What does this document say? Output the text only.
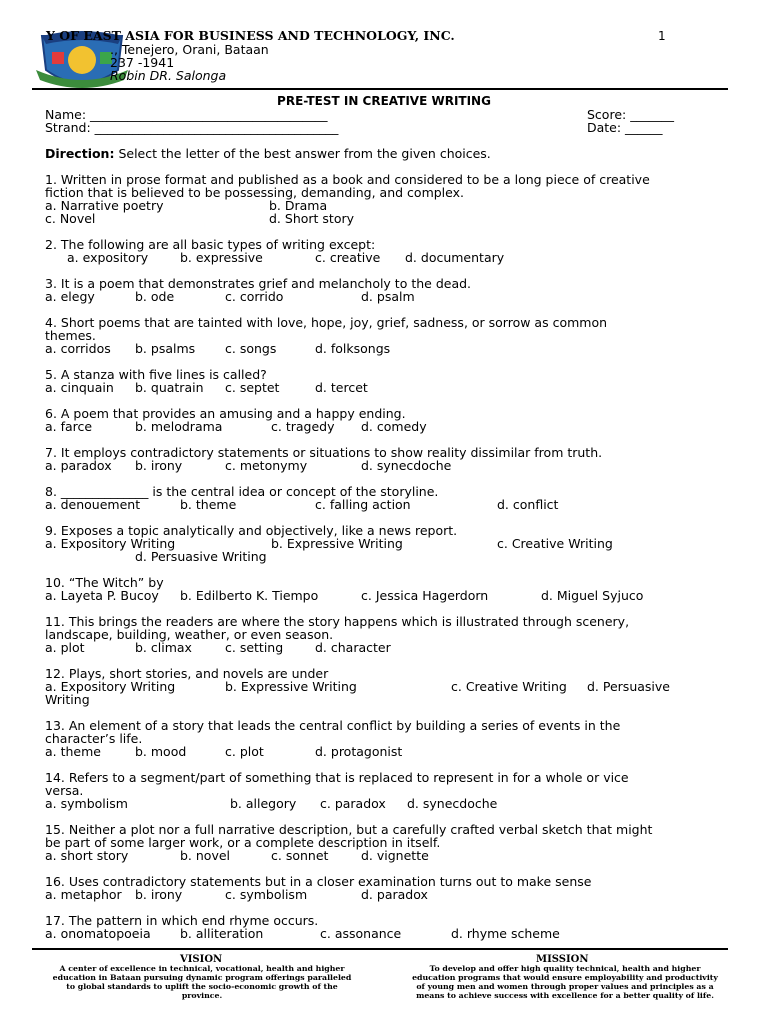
Y OF EAST ASIA FOR BUSINESS AND TECHNOLOGY, INC.	1
., Tenejero, Orani, Bataan
237 -1941
Robin DR. Salonga
PRE-TEST IN CREATIVE WRITING
Name: ______________________________________	Score: _______
Strand: _______________________________________	Date: ______
Direction: Select the letter of the best answer from the given choices.
1. Written in prose format and published as a book and considered to be a long piece of creative
fiction that is believed to be possessing, demanding, and complex.
a. Narrative poetry	b. Drama
c. Novel	d. Short story
2. The following are all basic types of writing except:
a. expository	b. expressive	c. creative d. documentary
3. It is a poem that demonstrates grief and melancholy to the dead.
a. elegy	b. ode	c. corrido	d. psalm
4. Short poems that are tainted with love, hope, joy, grief, sadness, or sorrow as common
themes.
a. corridos b. psalms c. songs	d. folksongs
5. A stanza with five lines is called?
a. cinquain b. quatrain c. septet	d. tercet
6. A poem that provides an amusing and a happy ending.
a. farce	b. melodrama	c. tragedy d. comedy
7. It employs contradictory statements or situations to show reality dissimilar from truth.
a. paradox b. irony	c. metonymy	d. synecdoche
8. ______________ is the central idea or concept of the storyline.
a. denouement	b. theme	c. falling action	d. conflict
9. Exposes a topic analytically and objectively, like a news report.
a. Expository Writing	b. Expressive Writing	c. Creative Writing
d. Persuasive Writing
10. “The Witch” by
a. Layeta P. Bucoy b. Edilberto K. Tiempo	c. Jessica Hagerdorn	d. Miguel Syjuco
11. This brings the readers are where the story happens which is illustrated through scenery,
landscape, building, weather, or even season.
a. plot	b. climax	c. setting	d. character
12. Plays, short stories, and novels are under
a. Expository Writing	b. Expressive Writing	c. Creative Writing d. Persuasive
Writing
13. An element of a story that leads the central conflict by building a series of events in the
character’s life.
a. theme	b. mood	c. plot	d. protagonist
14. Refers to a segment/part of something that is replaced to represent in for a whole or vice
versa.
a. symbolism	b. allegory c. paradox d. synecdoche
15. Neither a plot nor a full narrative description, but a carefully crafted verbal sketch that might
be part of some larger work, or a complete description in itself.
a. short story	b. novel	c. sonnet	d. vignette
16. Uses contradictory statements but in a closer examination turns out to make sense
a. metaphor b. irony	c. symbolism	d. paradox
17. The pattern in which end rhyme occurs.
a. onomatopoeia b. alliteration	c. assonance	d. rhyme scheme
VISION
A center of excellence in technical, vocational, health and higher education in Bataan pursuing dynamic program offerings paralleled to global standards to uplift the socio-economic growth of the province.
MISSION
To develop and offer high quality technical, health and higher education programs that would ensure employability and productivity of young men and women through proper values and principles as a means to achieve success with excellence for a better quality of life.
